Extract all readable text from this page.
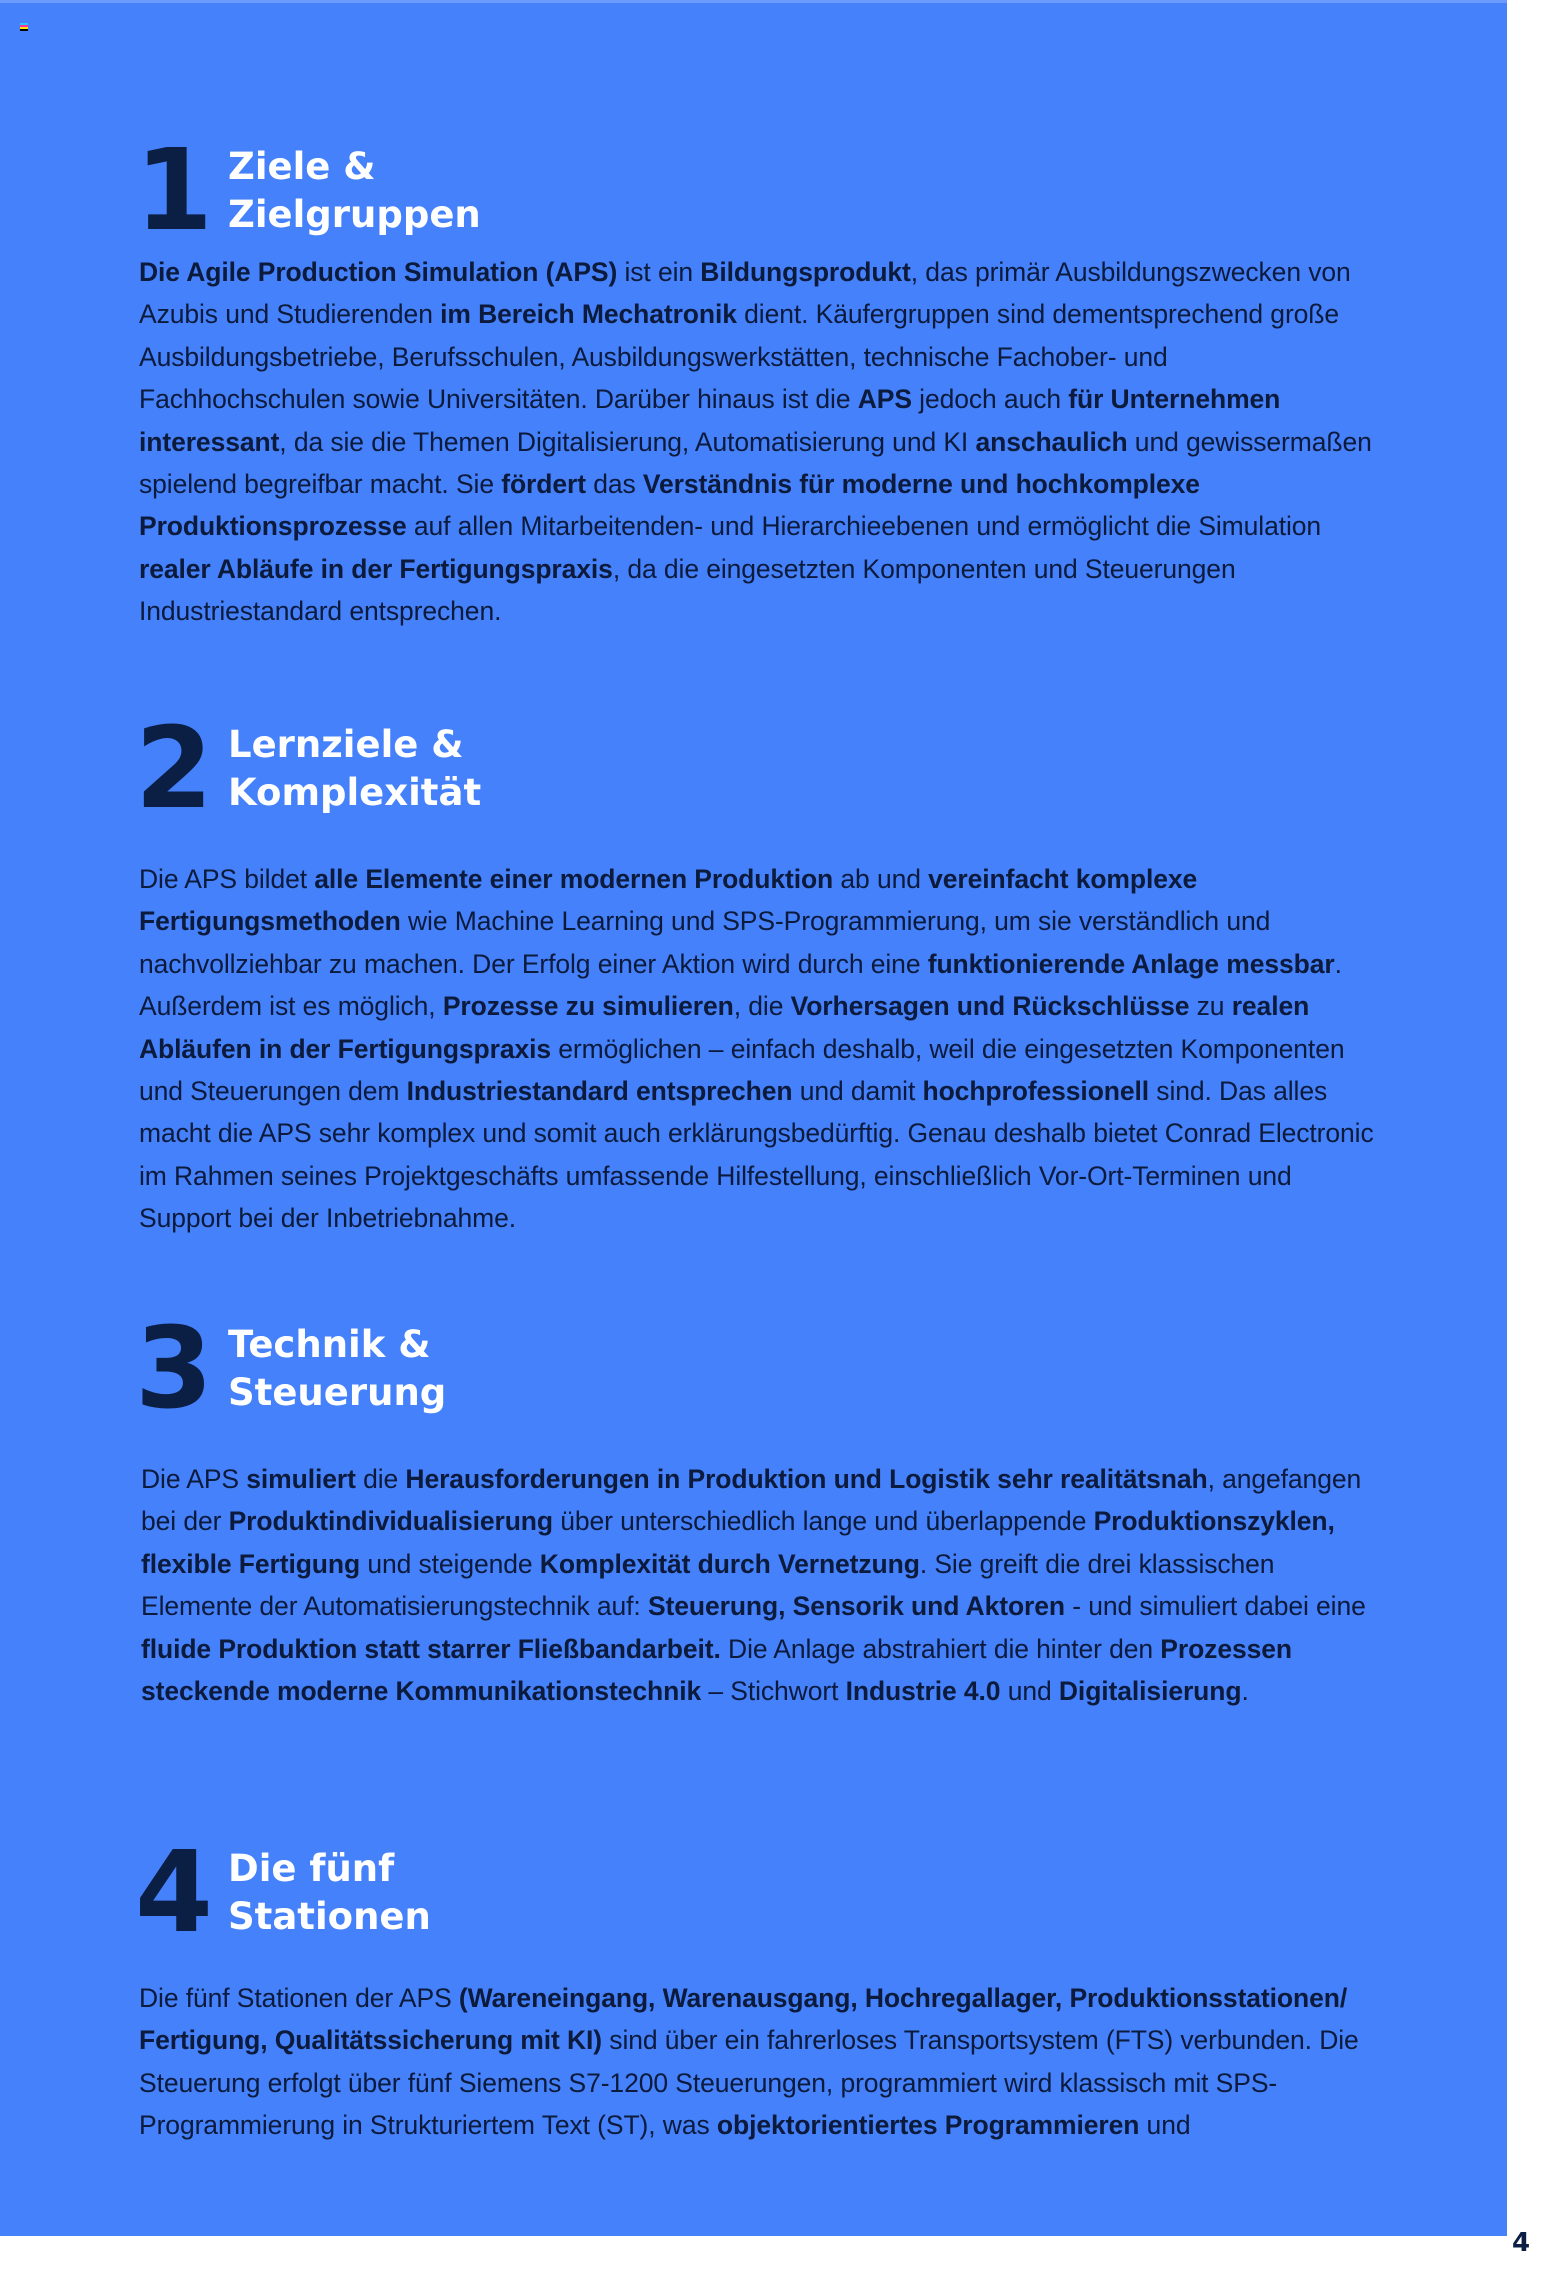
1 Ziele &
Zielgruppen

Die Agile Production Simulation (APS) ist ein Bildungsprodukt, das primär Ausbildungszwecken von Azubis und Studierenden im Bereich Mechatronik dient. Käufergruppen sind dementsprechend große Ausbildungsbetriebe, Berufsschulen, Ausbildungswerkstätten, technische Fachober- und Fachhochschulen sowie Universitäten. Darüber hinaus ist die APS jedoch auch für Unternehmen interessant, da sie die Themen Digitalisierung, Automatisierung und KI anschaulich und gewissermaßen spielend begreifbar macht. Sie fördert das Verständnis für moderne und hochkomplexe Produktionsprozesse auf allen Mitarbeitenden- und Hierarchieebenen und ermöglicht die Simulation realer Abläufe in der Fertigungspraxis, da die eingesetzten Komponenten und Steuerungen Industriestandard entsprechen.

2 Lernziele &
Komplexität

Die APS bildet alle Elemente einer modernen Produktion ab und vereinfacht komplexe Fertigungsmethoden wie Machine Learning und SPS-Programmierung, um sie verständlich und nachvollziehbar zu machen. Der Erfolg einer Aktion wird durch eine funktionierende Anlage messbar. Außerdem ist es möglich, Prozesse zu simulieren, die Vorhersagen und Rückschlüsse zu realen Abläufen in der Fertigungspraxis ermöglichen – einfach deshalb, weil die eingesetzten Komponenten und Steuerungen dem Industriestandard entsprechen und damit hochprofessionell sind. Das alles macht die APS sehr komplex und somit auch erklärungsbedürftig. Genau deshalb bietet Conrad Electronic im Rahmen seines Projektgeschäfts umfassende Hilfestellung, einschließlich Vor-Ort-Terminen und Support bei der Inbetriebnahme.

3 Technik &
Steuerung

Die APS simuliert die Herausforderungen in Produktion und Logistik sehr realitätsnah, angefangen bei der Produktindividualisierung über unterschiedlich lange und überlappende Produktionszyklen, flexible Fertigung und steigende Komplexität durch Vernetzung. Sie greift die drei klassischen Elemente der Automatisierungstechnik auf: Steuerung, Sensorik und Aktoren - und simuliert dabei eine fluide Produktion statt starrer Fließbandarbeit. Die Anlage abstrahiert die hinter den Prozessen steckende moderne Kommunikationstechnik – Stichwort Industrie 4.0 und Digitalisierung.

4 Die fünf
Stationen

Die fünf Stationen der APS (Wareneingang, Warenausgang, Hochregallager, Produktionsstationen/ Fertigung, Qualitätssicherung mit KI) sind über ein fahrerloses Transportsystem (FTS) verbunden. Die Steuerung erfolgt über fünf Siemens S7-1200 Steuerungen, programmiert wird klassisch mit SPS-Programmierung in Strukturiertem Text (ST), was objektorientiertes Programmieren und

4
